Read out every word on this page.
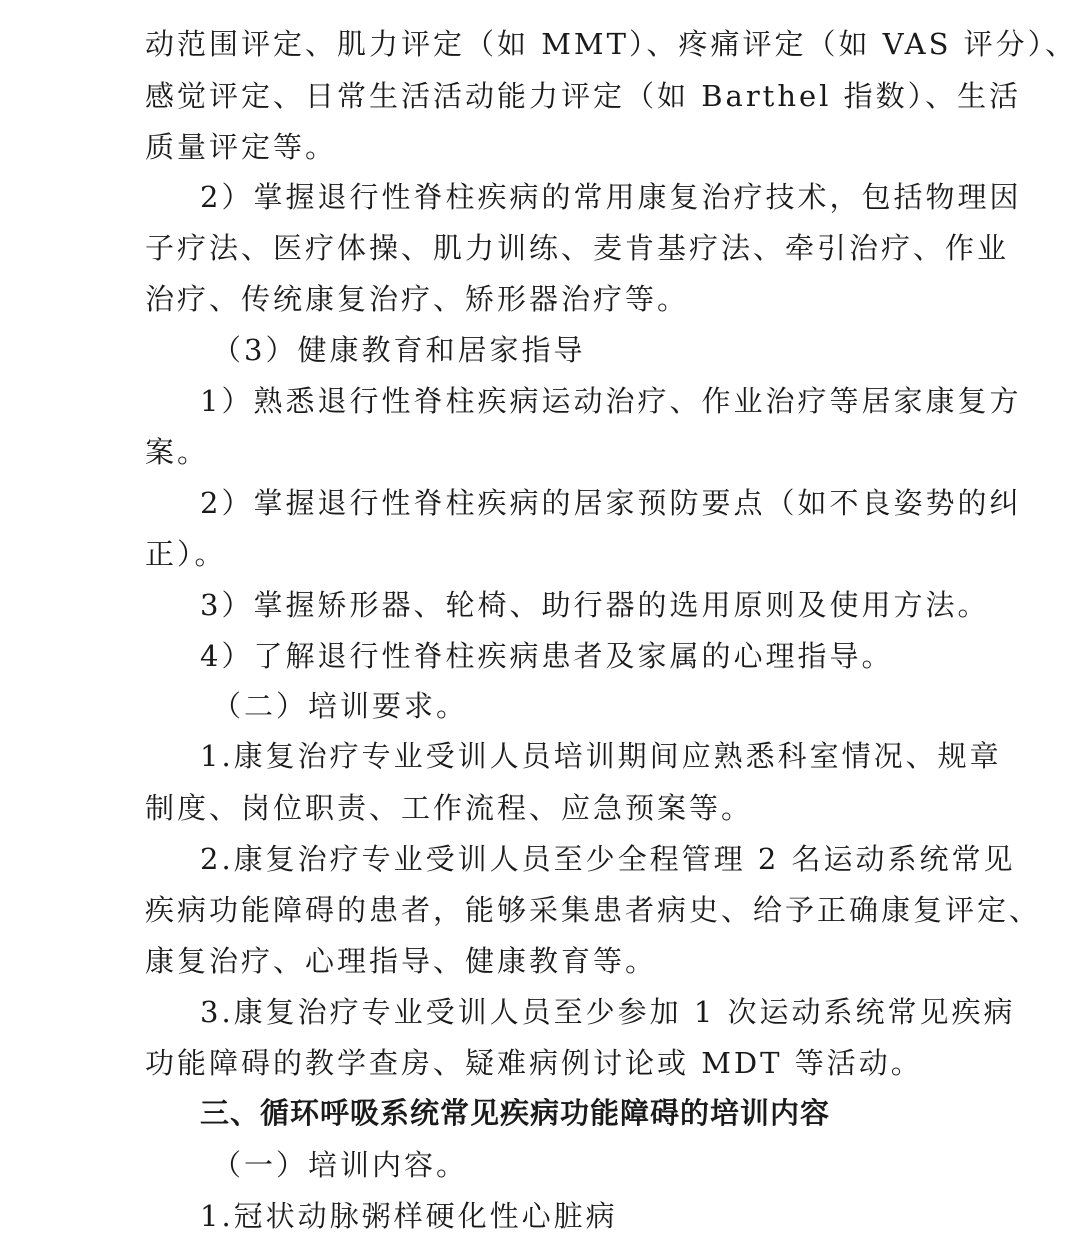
动范围评定、肌力评定（如 MMT）、疼痛评定（如 VAS 评分）、
感觉评定、日常生活活动能力评定（如 Barthel 指数）、生活
质量评定等。
2）掌握退行性脊柱疾病的常用康复治疗技术，包括物理因
子疗法、医疗体操、肌力训练、麦肯基疗法、牵引治疗、作业
治疗、传统康复治疗、矫形器治疗等。
（3）健康教育和居家指导
1）熟悉退行性脊柱疾病运动治疗、作业治疗等居家康复方
案。
2）掌握退行性脊柱疾病的居家预防要点（如不良姿势的纠
正）。
3）掌握矫形器、轮椅、助行器的选用原则及使用方法。
4）了解退行性脊柱疾病患者及家属的心理指导。
（二）培训要求。
1.康复治疗专业受训人员培训期间应熟悉科室情况、规章
制度、岗位职责、工作流程、应急预案等。
2.康复治疗专业受训人员至少全程管理 2 名运动系统常见
疾病功能障碍的患者，能够采集患者病史、给予正确康复评定、
康复治疗、心理指导、健康教育等。
3.康复治疗专业受训人员至少参加 1 次运动系统常见疾病
功能障碍的教学查房、疑难病例讨论或 MDT 等活动。
三、循环呼吸系统常见疾病功能障碍的培训内容
（一）培训内容。
1.冠状动脉粥样硬化性心脏病
